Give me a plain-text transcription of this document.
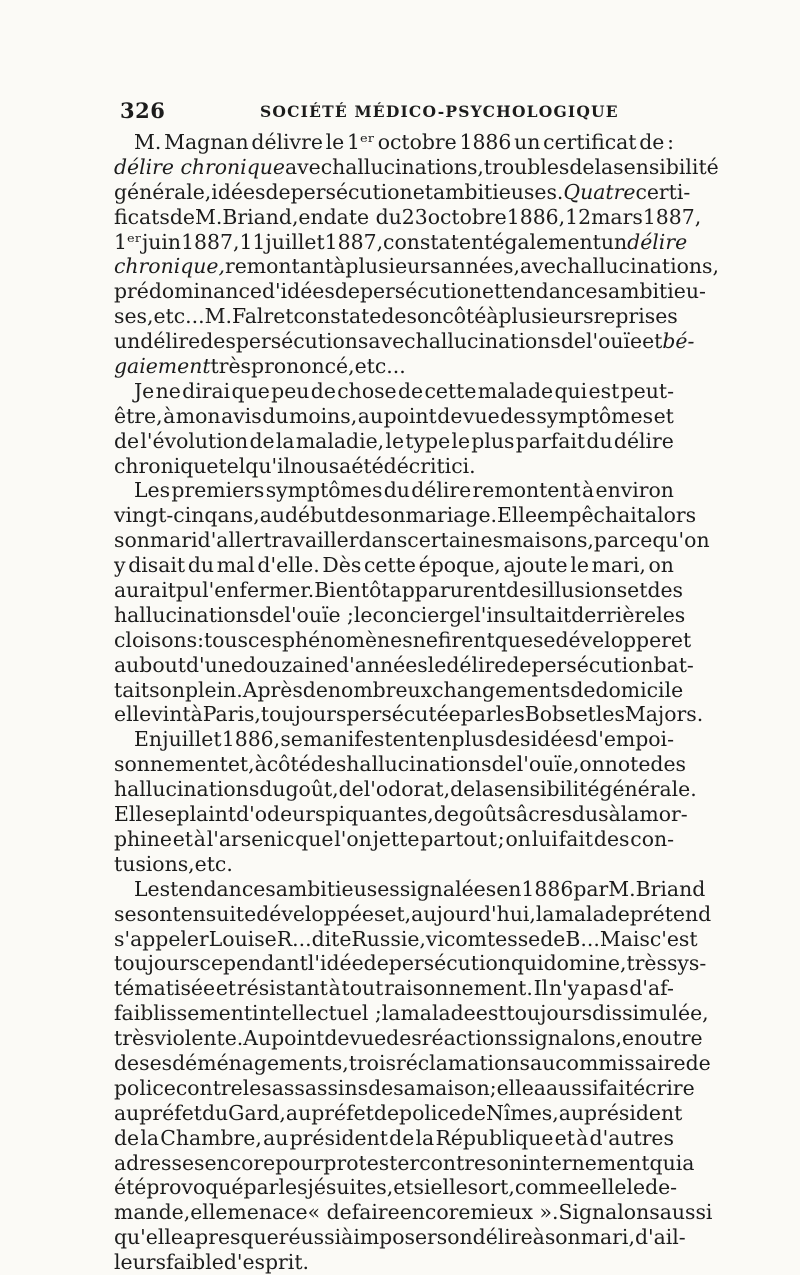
326	SOCIÉTÉ MÉDICO-PSYCHOLOGIQUE
M. Magnan délivre le 1ᵉʳ octobre 1886 un certificat de :
délire chronique avec hallucinations, troubles de la sensibilité
générale, idées de persécution et ambitieuses. Quatre certi-
ficats de M. Briand, en date du 23 octobre 1886, 12 mars 1887,
1ᵉʳ juin 1887, 11 juillet 1887, constatent également un délire
chronique, remontant à plusieurs années, avec hallucinations,
prédominance d'idées de persécution et tendances ambitieu-
ses, etc... M. Falret constate de son côté à plusieurs reprises
un délire des persécutions avec hallucinations de l'ouïe et bé-
gaiement très prononcé, etc...
Je ne dirai que peu de chose de cette malade qui est peut-
être, à mon avis du moins, au point de vue des symptômes et
de l'évolution de la maladie, le type le plus parfait du délire
chronique tel qu'il nous a été décrit ici.
Les premiers symptômes du délire remontent à environ
vingt-cinq ans , au début de son mariage. Elle empêchait alors
son mari d'aller travailler dans certaines maisons, parce qu'on
y disait du mal d'elle. Dès cette époque, ajoute le mari, on
aurait pu l'enfermer. Bientôt apparurent des illusions et des
hallucinations de l'ouïe ; le concierge l'insultait derrière les
cloisons : tous ces phénomènes ne firent que se développer et
au bout d'une douzaine d'années le délire de persécution bat-
tait son plein. Après de nombreux changements de domicile
elle vint à Paris, toujours persécutée par les Bobs et les Majors.
En juillet 1886, se manifestent en plus des idées d'empoi-
sonnement et, à côté des hallucinations de l'ouïe, on note des
hallucinations du goût, de l'odorat, de la sensibilité générale.
Elle se plaint d'odeurs piquantes, de goûts âcres dus à la mor-
phine et à l'arsenic que l'on jette partout ; on lui fait des con-
tusions, etc.
Les tendances ambitieuses signalées en 1886 par M. Briand
se sont ensuite développées et, aujourd'hui, la malade prétend
s'appeler Louise R... dite Russie, vicomtesse de B... Mais c'est
toujours cependant l'idée de persécution qui domine, très sys-
tématisée et résistant à tout raisonnement. Il n'y a pas d'af-
faiblissement intellectuel ; la malade est toujours dissimulée,
très violente. Au point de vue des réactions signalons, en outre
de ses déménagements, trois réclamations au commissaire de
police contre les assassins de sa maison ; elle a aussi fait écrire
au préfet du Gard, au préfet de police de Nîmes, au président
de la Chambre, au président de la République et à d'autres
adresses encore pour protester contre son internement qui a
été provoqué par les jésuites, et si elle sort, comme elle le de-
mande, elle menace « de faire encore mieux ». Signalons aussi
qu'elle a presque réussi à imposer son délire à son mari, d'ail-
leurs faible d'esprit.
